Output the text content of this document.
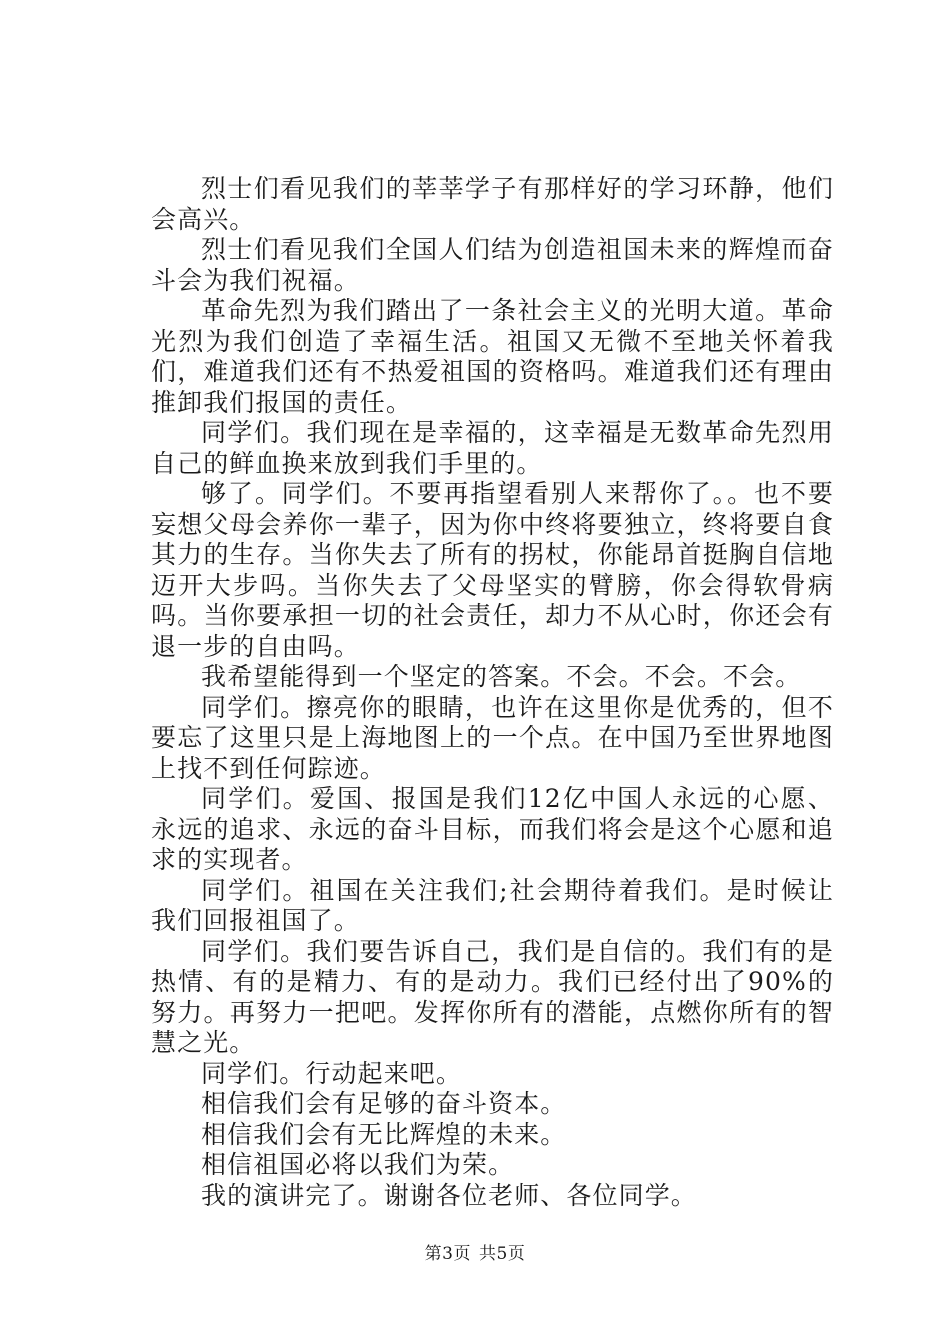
烈士们看见我们的莘莘学子有那样好的学习环静，他们会高兴。

烈士们看见我们全国人们结为创造祖国未来的辉煌而奋斗会为我们祝福。

革命先烈为我们踏出了一条社会主义的光明大道。革命光烈为我们创造了幸福生活。祖国又无微不至地关怀着我们，难道我们还有不热爱祖国的资格吗。难道我们还有理由推卸我们报国的责任。

同学们。我们现在是幸福的，这幸福是无数革命先烈用自己的鲜血换来放到我们手里的。

够了。同学们。不要再指望看别人来帮你了。。也不要妄想父母会养你一辈子，因为你中终将要独立，终将要自食其力的生存。当你失去了所有的拐杖，你能昂首挺胸自信地迈开大步吗。当你失去了父母坚实的臂膀，你会得软骨病吗。当你要承担一切的社会责任，却力不从心时，你还会有退一步的自由吗。

我希望能得到一个坚定的答案。不会。不会。不会。

同学们。擦亮你的眼睛，也许在这里你是优秀的，但不要忘了这里只是上海地图上的一个点。在中国乃至世界地图上找不到任何踪迹。

同学们。爱国、报国是我们12亿中国人永远的心愿、永远的追求、永远的奋斗目标，而我们将会是这个心愿和追求的实现者。

同学们。祖国在关注我们;社会期待着我们。是时候让我们回报祖国了。

同学们。我们要告诉自己，我们是自信的。我们有的是热情、有的是精力、有的是动力。我们已经付出了90%的努力。再努力一把吧。发挥你所有的潜能，点燃你所有的智慧之光。

同学们。行动起来吧。

相信我们会有足够的奋斗资本。

相信我们会有无比辉煌的未来。

相信祖国必将以我们为荣。

我的演讲完了。谢谢各位老师、各位同学。

第3页 共5页
